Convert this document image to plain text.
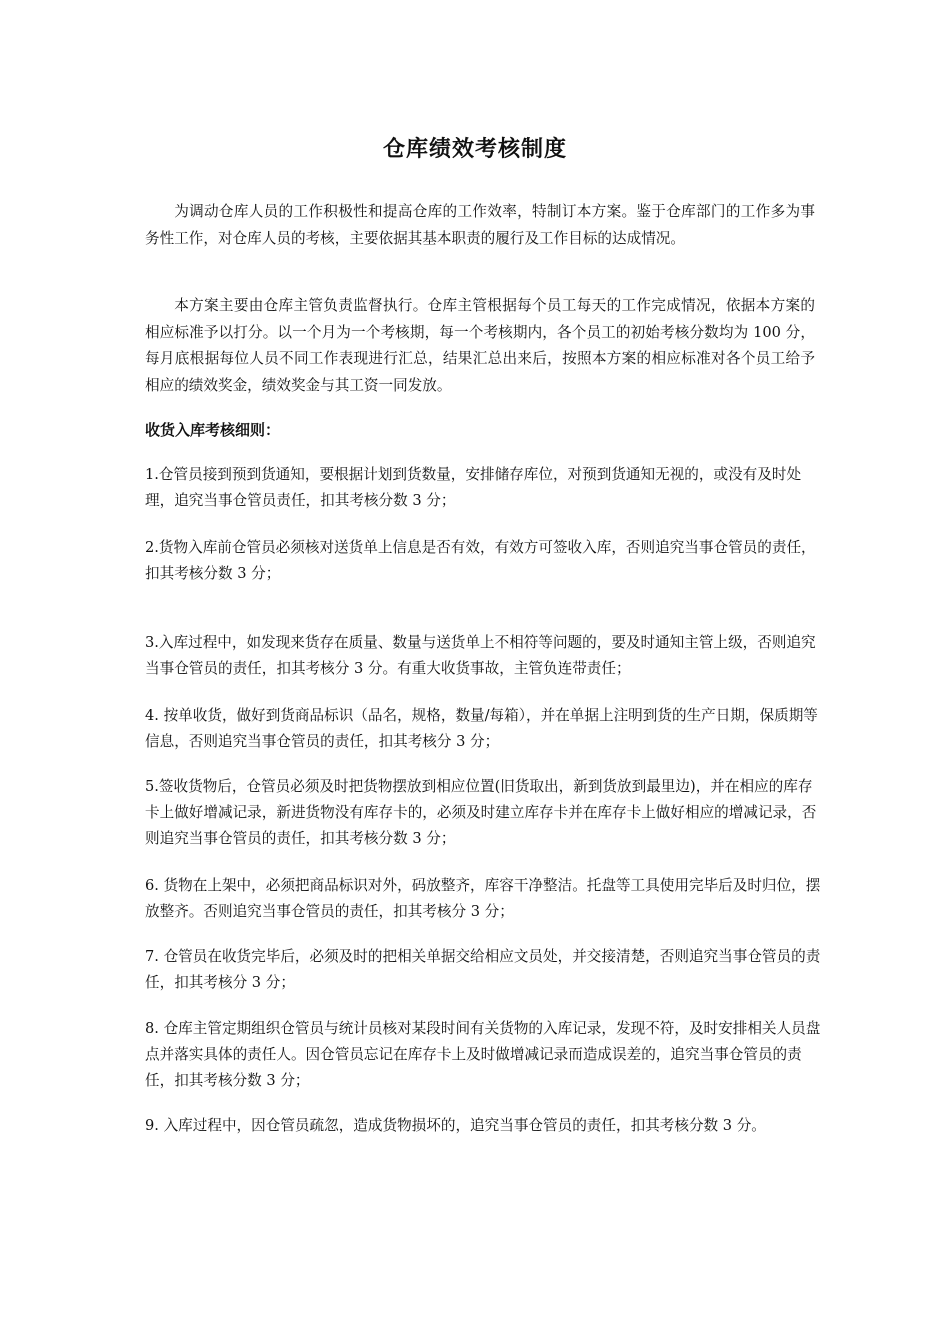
仓库绩效考核制度

为调动仓库人员的工作积极性和提高仓库的工作效率，特制订本方案。鉴于仓库部门的工作多为事务性工作，对仓库人员的考核，主要依据其基本职责的履行及工作目标的达成情况。

本方案主要由仓库主管负责监督执行。仓库主管根据每个员工每天的工作完成情况，依据本方案的相应标准予以打分。以一个月为一个考核期，每一个考核期内，各个员工的初始考核分数均为 100 分，每月底根据每位人员不同工作表现进行汇总，结果汇总出来后，按照本方案的相应标准对各个员工给予相应的绩效奖金，绩效奖金与其工资一同发放。

收货入库考核细则：

1.仓管员接到预到货通知，要根据计划到货数量，安排储存库位，对预到货通知无视的，或没有及时处理，追究当事仓管员责任，扣其考核分数 3 分；

2.货物入库前仓管员必须核对送货单上信息是否有效，有效方可签收入库，否则追究当事仓管员的责任，扣其考核分数 3 分；

3.入库过程中，如发现来货存在质量、数量与送货单上不相符等问题的，要及时通知主管上级，否则追究当事仓管员的责任，扣其考核分 3 分。有重大收货事故，主管负连带责任；

4. 按单收货，做好到货商品标识（品名，规格，数量/每箱），并在单据上注明到货的生产日期，保质期等信息，否则追究当事仓管员的责任，扣其考核分 3 分；

5.签收货物后，仓管员必须及时把货物摆放到相应位置(旧货取出，新到货放到最里边)，并在相应的库存卡上做好增减记录，新进货物没有库存卡的，必须及时建立库存卡并在库存卡上做好相应的增减记录，否则追究当事仓管员的责任，扣其考核分数 3 分；

6. 货物在上架中，必须把商品标识对外，码放整齐，库容干净整洁。托盘等工具使用完毕后及时归位，摆放整齐。否则追究当事仓管员的责任，扣其考核分 3 分；

7. 仓管员在收货完毕后，必须及时的把相关单据交给相应文员处，并交接清楚，否则追究当事仓管员的责任，扣其考核分 3 分；

8. 仓库主管定期组织仓管员与统计员核对某段时间有关货物的入库记录，发现不符，及时安排相关人员盘点并落实具体的责任人。因仓管员忘记在库存卡上及时做增减记录而造成误差的，追究当事仓管员的责任，扣其考核分数 3 分；

9. 入库过程中，因仓管员疏忽，造成货物损坏的，追究当事仓管员的责任，扣其考核分数 3 分。
